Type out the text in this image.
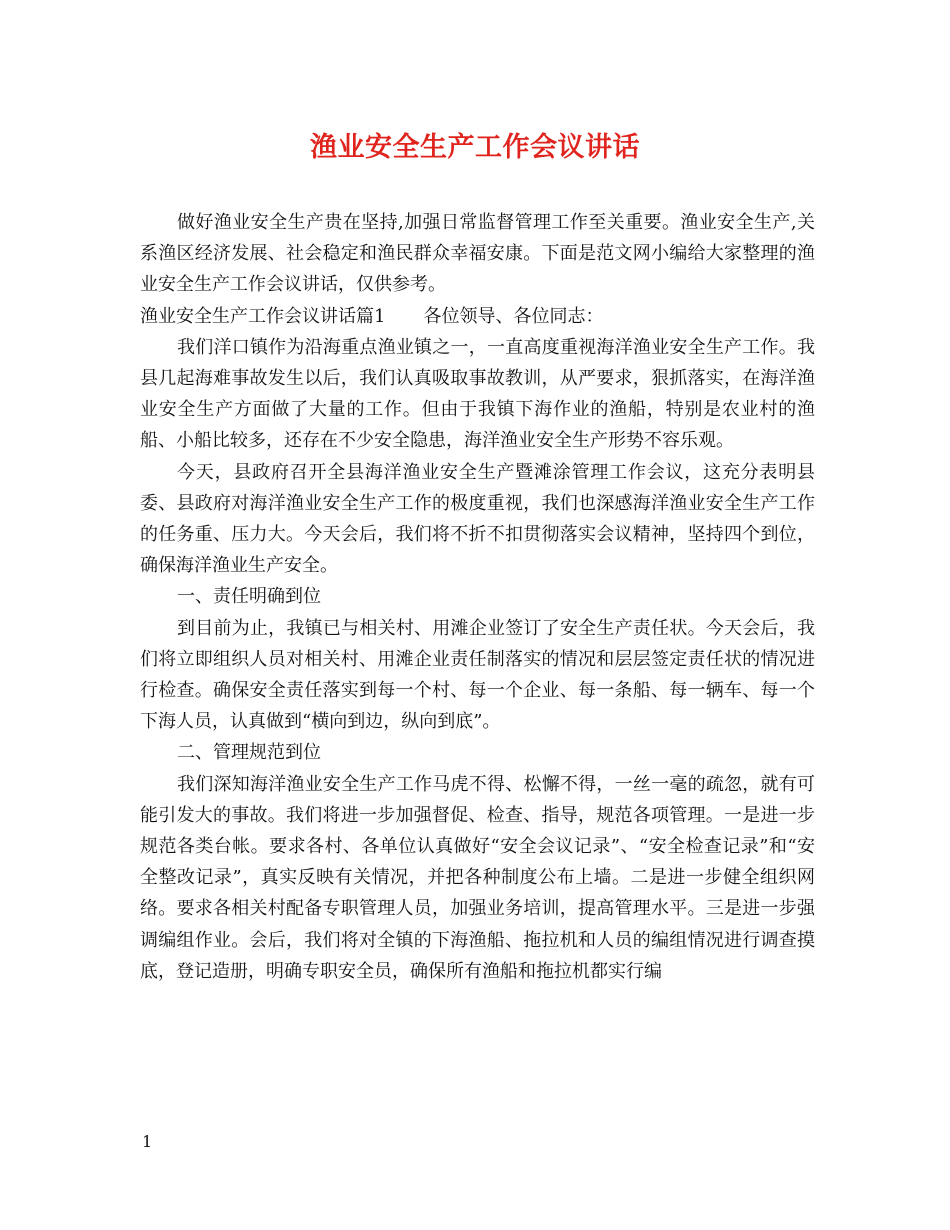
渔业安全生产工作会议讲话

做好渔业安全生产贵在坚持,加强日常监督管理工作至关重要。渔业安全生产,关系渔区经济发展、社会稳定和渔民群众幸福安康。下面是范文网小编给大家整理的渔业安全生产工作会议讲话，仅供参考。

渔业安全生产工作会议讲话篇1 各位领导、各位同志：

我们洋口镇作为沿海重点渔业镇之一，一直高度重视海洋渔业安全生产工作。我县几起海难事故发生以后，我们认真吸取事故教训，从严要求，狠抓落实，在海洋渔业安全生产方面做了大量的工作。但由于我镇下海作业的渔船，特别是农业村的渔船、小船比较多，还存在不少安全隐患，海洋渔业安全生产形势不容乐观。

今天，县政府召开全县海洋渔业安全生产暨滩涂管理工作会议，这充分表明县委、县政府对海洋渔业安全生产工作的极度重视，我们也深感海洋渔业安全生产工作的任务重、压力大。今天会后，我们将不折不扣贯彻落实会议精神，坚持四个到位，确保海洋渔业生产安全。

一、责任明确到位

到目前为止，我镇已与相关村、用滩企业签订了安全生产责任状。今天会后，我们将立即组织人员对相关村、用滩企业责任制落实的情况和层层签定责任状的情况进行检查。确保安全责任落实到每一个村、每一个企业、每一条船、每一辆车、每一个下海人员，认真做到“横向到边，纵向到底”。

二、管理规范到位

我们深知海洋渔业安全生产工作马虎不得、松懈不得，一丝一毫的疏忽，就有可能引发大的事故。我们将进一步加强督促、检查、指导，规范各项管理。一是进一步规范各类台帐。要求各村、各单位认真做好“安全会议记录”、“安全检查记录”和“安全整改记录”，真实反映有关情况，并把各种制度公布上墙。二是进一步健全组织网络。要求各相关村配备专职管理人员，加强业务培训，提高管理水平。三是进一步强调编组作业。会后，我们将对全镇的下海渔船、拖拉机和人员的编组情况进行调查摸底，登记造册，明确专职安全员，确保所有渔船和拖拉机都实行编

1
